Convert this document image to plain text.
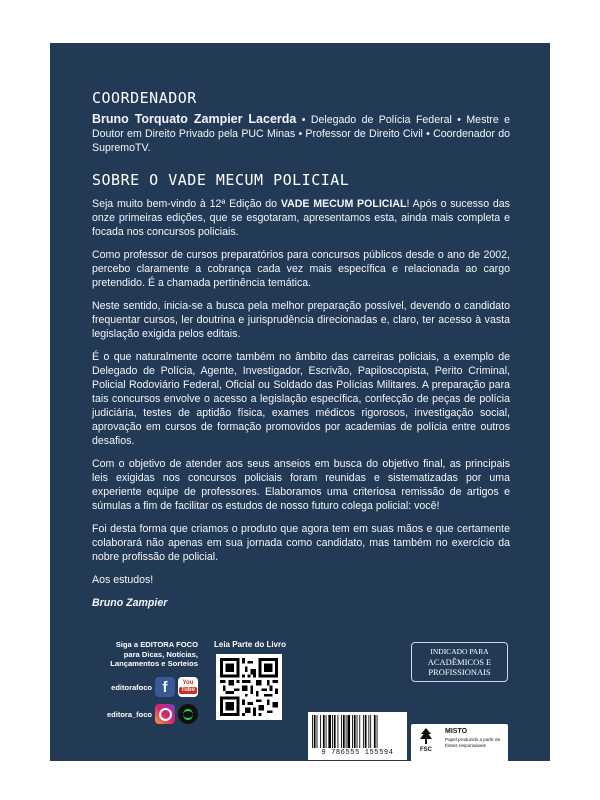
COORDENADOR

Bruno Torquato Zampier Lacerda • Delegado de Polícia Federal • Mestre e Doutor em Direito Privado pela PUC Minas • Professor de Direito Civil • Coordenador do SupremoTV.

SOBRE O VADE MECUM POLICIAL

Seja muito bem-vindo à 12ª Edição do VADE MECUM POLICIAL! Após o sucesso das onze primeiras edições, que se esgotaram, apresentamos esta, ainda mais completa e focada nos concursos policiais.

Como professor de cursos preparatórios para concursos públicos desde o ano de 2002, percebo claramente a cobrança cada vez mais específica e relacionada ao cargo pretendido. É a chamada pertinência temática.

Neste sentido, inicia-se a busca pela melhor preparação possível, devendo o candidato frequentar cursos, ler doutrina e jurisprudência direcionadas e, claro, ter acesso à vasta legislação exigida pelos editais.

É o que naturalmente ocorre também no âmbito das carreiras policiais, a exemplo de Delegado de Polícia, Agente, Investigador, Escrivão, Papiloscopista, Perito Criminal, Policial Rodoviário Federal, Oficial ou Soldado das Polícias Militares. A preparação para tais concursos envolve o acesso a legislação específica, confecção de peças de polícia judiciária, testes de aptidão física, exames médicos rigorosos, investigação social, aprovação em cursos de formação promovidos por academias de polícia entre outros desafios.

Com o objetivo de atender aos seus anseios em busca do objetivo final, as principais leis exigidas nos concursos policiais foram reunidas e sistematizadas por uma experiente equipe de professores. Elaboramos uma criteriosa remissão de artigos e súmulas a fim de facilitar os estudos de nosso futuro colega policial: você!

Foi desta forma que criamos o produto que agora tem em suas mãos e que certamente colaborará não apenas em sua jornada como candidato, mas também no exercício da nobre profissão de policial.

Aos estudos!

Bruno Zampier

Siga a EDITORA FOCO
para Dicas, Notícias,
Lançamentos e Sorteios
editorafoco f	You
Tube
editora_foco
Leia Parte do Livro
9 786555 155594
INDICADO PARA
ACADÊMICOS E
PROFISSIONAIS
FSC
MISTO
Papel produzido a partir de fontes responsáveis
